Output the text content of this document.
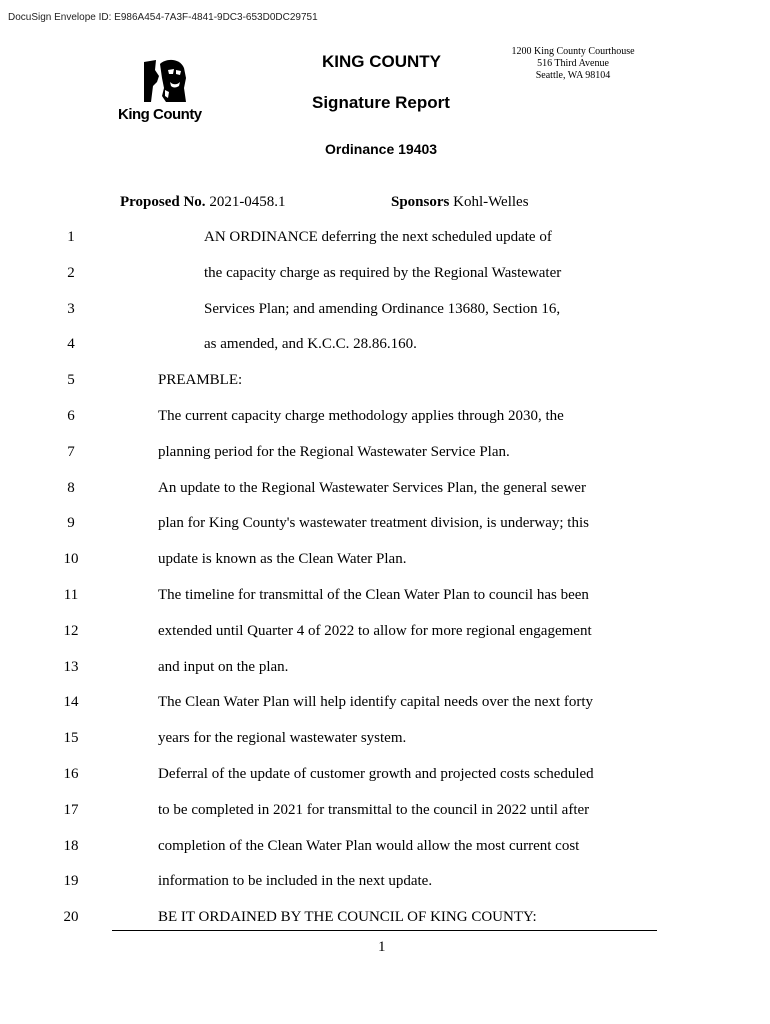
DocuSign Envelope ID: E986A454-7A3F-4841-9DC3-653D0DC29751
King County
KING COUNTY
1200 King County Courthouse
516 Third Avenue
Seattle, WA 98104
Signature Report
Ordinance 19403
Proposed No. 2021-0458.1	Sponsors Kohl-Welles
1	AN ORDINANCE deferring the next scheduled update of
2	the capacity charge as required by the Regional Wastewater
3	Services Plan; and amending Ordinance 13680, Section 16,
4	as amended, and K.C.C. 28.86.160.
5	PREAMBLE:
6	The current capacity charge methodology applies through 2030, the
7	planning period for the Regional Wastewater Service Plan.
8	An update to the Regional Wastewater Services Plan, the general sewer
9	plan for King County's wastewater treatment division, is underway; this
10	update is known as the Clean Water Plan.
11	The timeline for transmittal of the Clean Water Plan to council has been
12	extended until Quarter 4 of 2022 to allow for more regional engagement
13	and input on the plan.
14	The Clean Water Plan will help identify capital needs over the next forty
15	years for the regional wastewater system.
16	Deferral of the update of customer growth and projected costs scheduled
17	to be completed in 2021 for transmittal to the council in 2022 until after
18	completion of the Clean Water Plan would allow the most current cost
19	information to be included in the next update.
20	BE IT ORDAINED BY THE COUNCIL OF KING COUNTY:
1
